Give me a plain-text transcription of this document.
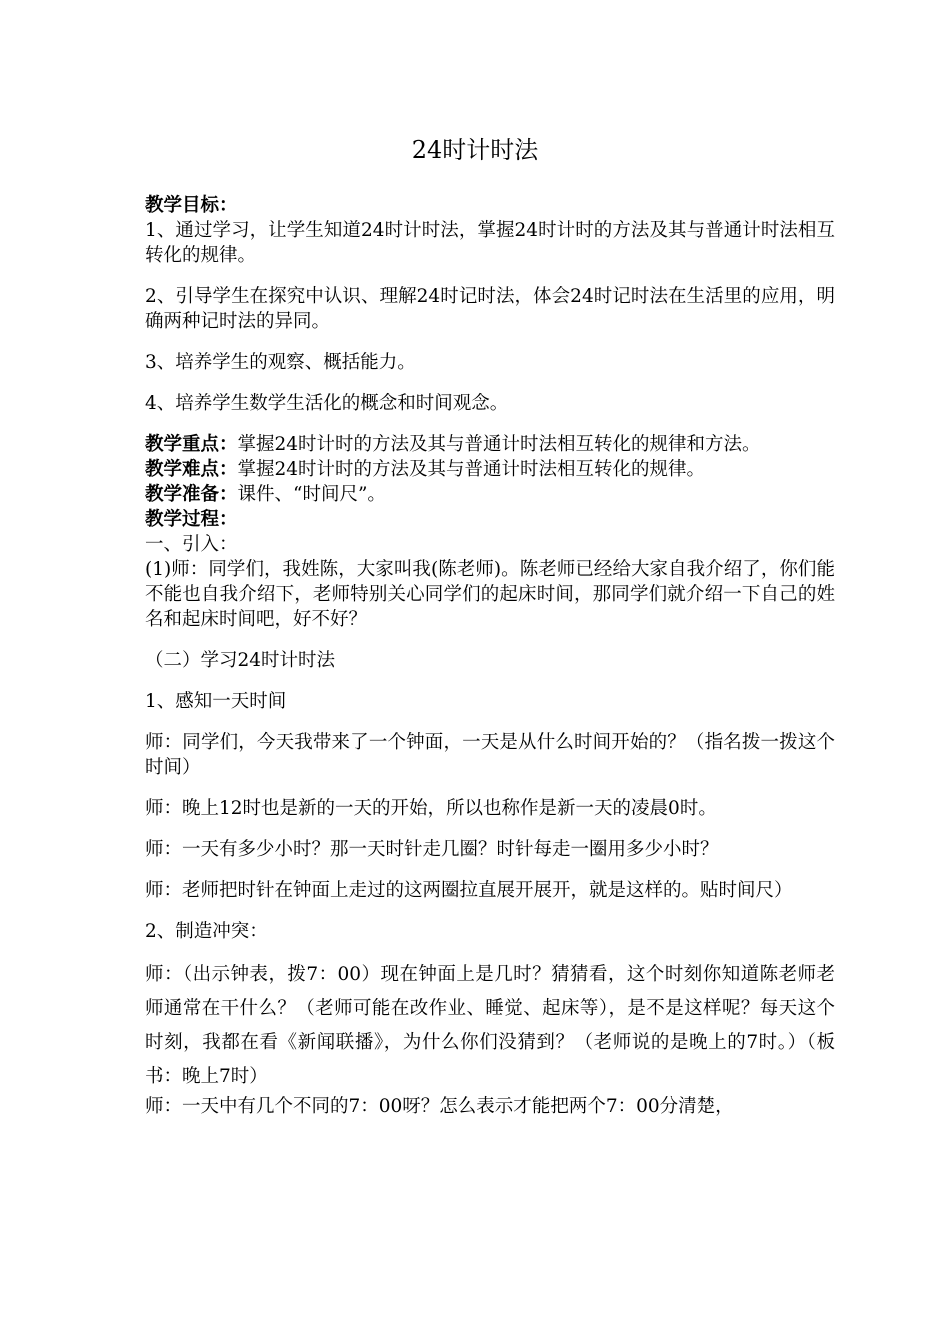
24时计时法

教学目标：

1、通过学习，让学生知道24时计时法，掌握24时计时的方法及其与普通计时法相互转化的规律。

2、引导学生在探究中认识、理解24时记时法，体会24时记时法在生活里的应用，明确两种记时法的异同。

3、培养学生的观察、概括能力。

4、培养学生数学生活化的概念和时间观念。

教学重点：掌握24时计时的方法及其与普通计时法相互转化的规律和方法。

教学难点：掌握24时计时的方法及其与普通计时法相互转化的规律。

教学准备：课件、“时间尺”。

教学过程：

一、引入：

(1)师：同学们，我姓陈，大家叫我(陈老师)。陈老师已经给大家自我介绍了，你们能不能也自我介绍下，老师特别关心同学们的起床时间，那同学们就介绍一下自己的姓名和起床时间吧，好不好？

（二）学习24时计时法

1、感知一天时间

师：同学们，今天我带来了一个钟面，一天是从什么时间开始的？（指名拨一拨这个时间）

师：晚上12时也是新的一天的开始，所以也称作是新一天的凌晨0时。

师：一天有多少小时？那一天时针走几圈？时针每走一圈用多少小时？

师：老师把时针在钟面上走过的这两圈拉直展开展开，就是这样的。贴时间尺）

2、制造冲突：

师：（出示钟表，拨7：00）现在钟面上是几时？猜猜看，这个时刻你知道陈老师老师通常在干什么？（老师可能在改作业、睡觉、起床等），是不是这样呢？每天这个时刻，我都在看《新闻联播》，为什么你们没猜到？（老师说的是晚上的7时。）（板书：晚上7时）

师：一天中有几个不同的7：00呀？怎么表示才能把两个7：00分清楚，
